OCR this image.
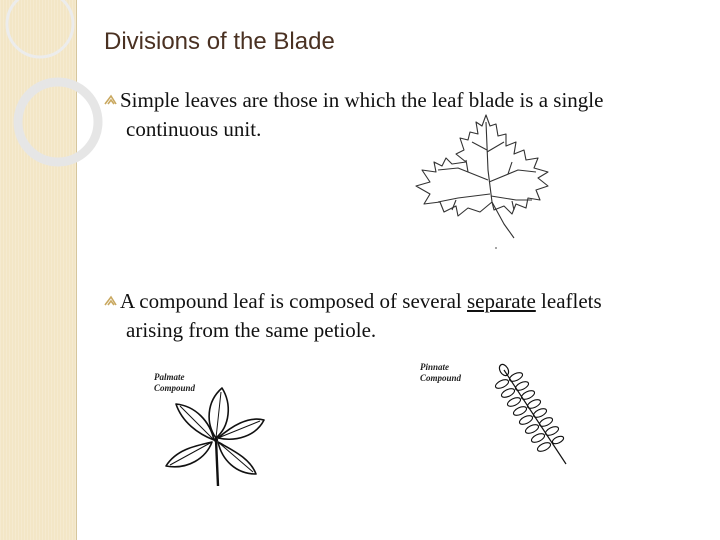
Divisions of the Blade
Simple leaves are those in which the leaf blade is a single
continuous unit.
A compound leaf is composed of several separate leaflets
arising from the same petiole.
Palmate
Compound
Pinnate
Compound
